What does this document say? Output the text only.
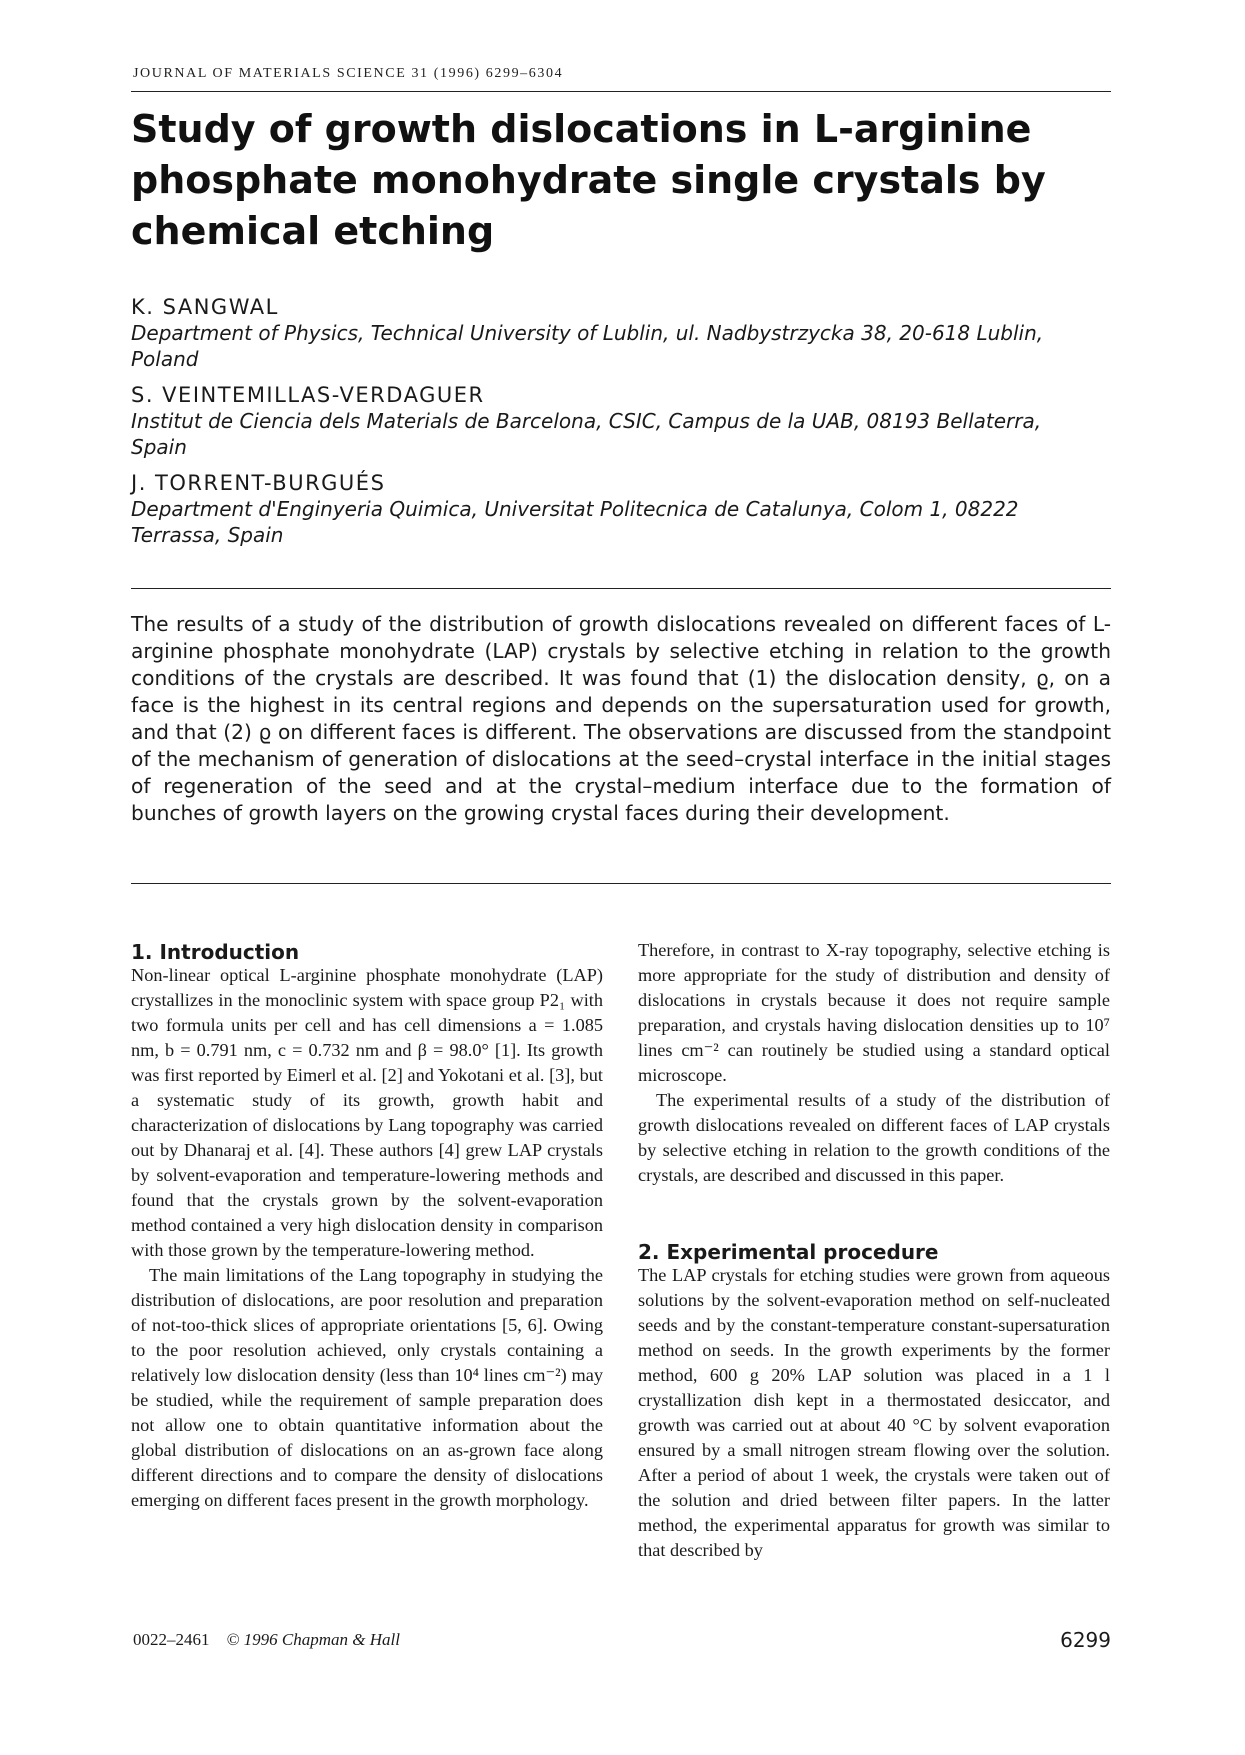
JOURNAL OF MATERIALS SCIENCE 31 (1996) 6299–6304
Study of growth dislocations in L-arginine phosphate monohydrate single crystals by chemical etching
K. SANGWAL
Department of Physics, Technical University of Lublin, ul. Nadbystrzycka 38, 20-618 Lublin, Poland
S. VEINTEMILLAS-VERDAGUER
Institut de Ciencia dels Materials de Barcelona, CSIC, Campus de la UAB, 08193 Bellaterra, Spain
J. TORRENT-BURGUÉS
Department d'Enginyeria Quimica, Universitat Politecnica de Catalunya, Colom 1, 08222 Terrassa, Spain

The results of a study of the distribution of growth dislocations revealed on different faces of L-arginine phosphate monohydrate (LAP) crystals by selective etching in relation to the growth conditions of the crystals are described. It was found that (1) the dislocation density, ϱ, on a face is the highest in its central regions and depends on the supersaturation used for growth, and that (2) ϱ on different faces is different. The observations are discussed from the standpoint of the mechanism of generation of dislocations at the seed–crystal interface in the initial stages of regeneration of the seed and at the crystal–medium interface due to the formation of bunches of growth layers on the growing crystal faces during their development.

1. Introduction

Non-linear optical L-arginine phosphate monohydrate (LAP) crystallizes in the monoclinic system with space group P2₁ with two formula units per cell and has cell dimensions a = 1.085 nm, b = 0.791 nm, c = 0.732 nm and β = 98.0° [1]. Its growth was first reported by Eimerl et al. [2] and Yokotani et al. [3], but a systematic study of its growth, growth habit and characterization of dislocations by Lang topography was carried out by Dhanaraj et al. [4]. These authors [4] grew LAP crystals by solvent-evaporation and temperature-lowering methods and found that the crystals grown by the solvent-evaporation method contained a very high dislocation density in comparison with those grown by the temperature-lowering method.

The main limitations of the Lang topography in studying the distribution of dislocations, are poor resolution and preparation of not-too-thick slices of appropriate orientations [5, 6]. Owing to the poor resolution achieved, only crystals containing a relatively low dislocation density (less than 10⁴ lines cm⁻²) may be studied, while the requirement of sample preparation does not allow one to obtain quantitative information about the global distribution of dislocations on an as-grown face along different directions and to compare the density of dislocations emerging on different faces present in the growth morphology.

Therefore, in contrast to X-ray topography, selective etching is more appropriate for the study of distribution and density of dislocations in crystals because it does not require sample preparation, and crystals having dislocation densities up to 10⁷ lines cm⁻² can routinely be studied using a standard optical microscope.

The experimental results of a study of the distribution of growth dislocations revealed on different faces of LAP crystals by selective etching in relation to the growth conditions of the crystals, are described and discussed in this paper.

2. Experimental procedure

The LAP crystals for etching studies were grown from aqueous solutions by the solvent-evaporation method on self-nucleated seeds and by the constant-temperature constant-supersaturation method on seeds. In the growth experiments by the former method, 600 g 20% LAP solution was placed in a 1 l crystallization dish kept in a thermostated desiccator, and growth was carried out at about 40 °C by solvent evaporation ensured by a small nitrogen stream flowing over the solution. After a period of about 1 week, the crystals were taken out of the solution and dried between filter papers. In the latter method, the experimental apparatus for growth was similar to that described by

0022–2461 © 1996 Chapman & Hall	6299
